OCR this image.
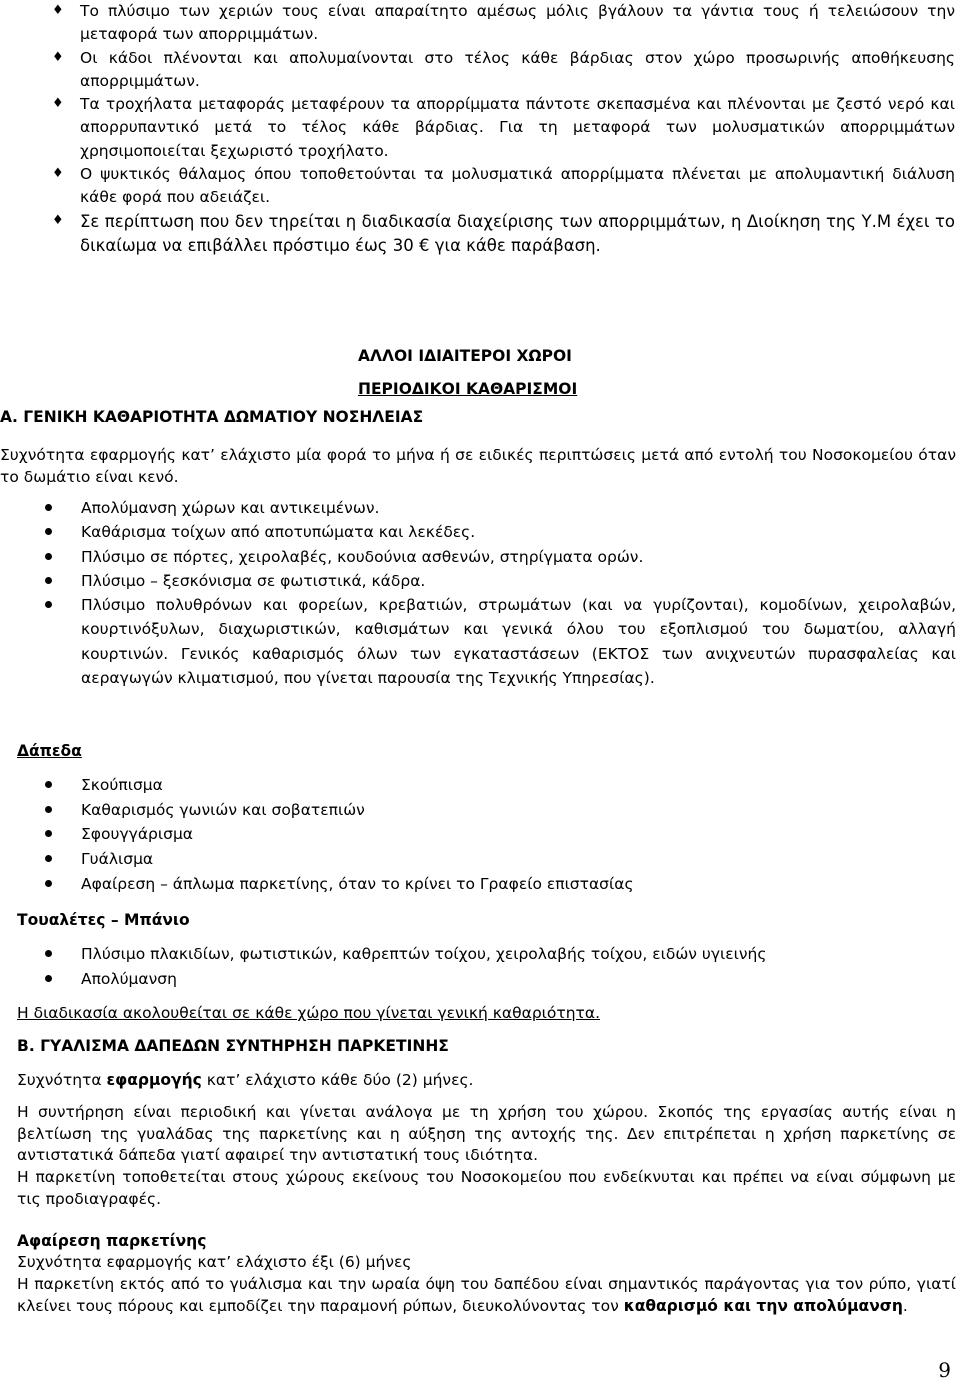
♦ Το πλύσιμο των χεριών τους είναι απαραίτητο αμέσως μόλις βγάλουν τα γάντια τους ή τελειώσουν την μεταφορά των απορριμμάτων.
♦ Οι κάδοι πλένονται και απολυμαίνονται στο τέλος κάθε βάρδιας στον χώρο προσωρινής αποθήκευσης απορριμμάτων.
♦ Τα τροχήλατα μεταφοράς μεταφέρουν τα απορρίμματα πάντοτε σκεπασμένα και πλένονται με ζεστό νερό και απορρυπαντικό μετά το τέλος κάθε βάρδιας. Για τη μεταφορά των μολυσματικών απορριμμάτων χρησιμοποιείται ξεχωριστό τροχήλατο.
♦ Ο ψυκτικός θάλαμος όπου τοποθετούνται τα μολυσματικά απορρίμματα πλένεται με απολυμαντική διάλυση κάθε φορά που αδειάζει.
♦ Σε περίπτωση που δεν τηρείται η διαδικασία διαχείρισης των απορριμμάτων, η Διοίκηση της Υ.Μ έχει το δικαίωμα να επιβάλλει πρόστιμο έως 30 € για κάθε παράβαση.
ΑΛΛΟΙ ΙΔΙΑΙΤΕΡΟΙ ΧΩΡΟΙ
ΠΕΡΙΟΔΙΚΟΙ ΚΑΘΑΡΙΣΜΟΙ
Α. ΓΕΝΙΚΗ ΚΑΘΑΡΙΟΤΗΤΑ ΔΩΜΑΤΙΟΥ ΝΟΣΗΛΕΙΑΣ
Συχνότητα εφαρμογής κατ’ ελάχιστο μία φορά το μήνα ή σε ειδικές περιπτώσεις μετά από εντολή του Νοσοκομείου όταν το δωμάτιο είναι κενό.
Απολύμανση χώρων και αντικειμένων.
Καθάρισμα τοίχων από αποτυπώματα και λεκέδες.
Πλύσιμο σε πόρτες, χειρολαβές, κουδούνια ασθενών, στηρίγματα ορών.
Πλύσιμο – ξεσκόνισμα σε φωτιστικά, κάδρα.
Πλύσιμο πολυθρόνων και φορείων, κρεβατιών, στρωμάτων (και να γυρίζονται), κομοδίνων, χειρολαβών, κουρτινόξυλων, διαχωριστικών, καθισμάτων και γενικά όλου του εξοπλισμού του δωματίου, αλλαγή κουρτινών. Γενικός καθαρισμός όλων των εγκαταστάσεων (ΕΚΤΟΣ των ανιχνευτών πυρασφαλείας και αεραγωγών κλιματισμού, που γίνεται παρουσία της Τεχνικής Υπηρεσίας).
Δάπεδα
Σκούπισμα
Καθαρισμός γωνιών και σοβατεπιών
Σφουγγάρισμα
Γυάλισμα
Αφαίρεση – άπλωμα παρκετίνης, όταν το κρίνει το Γραφείο επιστασίας
Τουαλέτες – Μπάνιο
Πλύσιμο πλακιδίων, φωτιστικών, καθρεπτών τοίχου, χειρολαβής τοίχου, ειδών υγιεινής
Απολύμανση
Η διαδικασία ακολουθείται σε κάθε χώρο που γίνεται γενική καθαριότητα.
Β. ΓΥΑΛΙΣΜΑ ΔΑΠΕΔΩΝ ΣΥΝΤΗΡΗΣΗ ΠΑΡΚΕΤΙΝΗΣ
Συχνότητα εφαρμογής κατ’ ελάχιστο κάθε δύο (2) μήνες.
Η συντήρηση είναι περιοδική και γίνεται ανάλογα με τη χρήση του χώρου. Σκοπός της εργασίας αυτής είναι η βελτίωση της γυαλάδας της παρκετίνης και η αύξηση της αντοχής της. Δεν επιτρέπεται η χρήση παρκετίνης σε αντιστατικά δάπεδα γιατί αφαιρεί την αντιστατική τους ιδιότητα.
Η παρκετίνη τοποθετείται στους χώρους εκείνους του Νοσοκομείου που ενδείκνυται και πρέπει να είναι σύμφωνη με τις προδιαγραφές.
Αφαίρεση παρκετίνης
Συχνότητα εφαρμογής κατ’ ελάχιστο έξι (6) μήνες
Η παρκετίνη εκτός από το γυάλισμα και την ωραία όψη του δαπέδου είναι σημαντικός παράγοντας για τον ρύπο, γιατί κλείνει τους πόρους και εμποδίζει την παραμονή ρύπων, διευκολύνοντας τον καθαρισμό και την απολύμανση.
9
